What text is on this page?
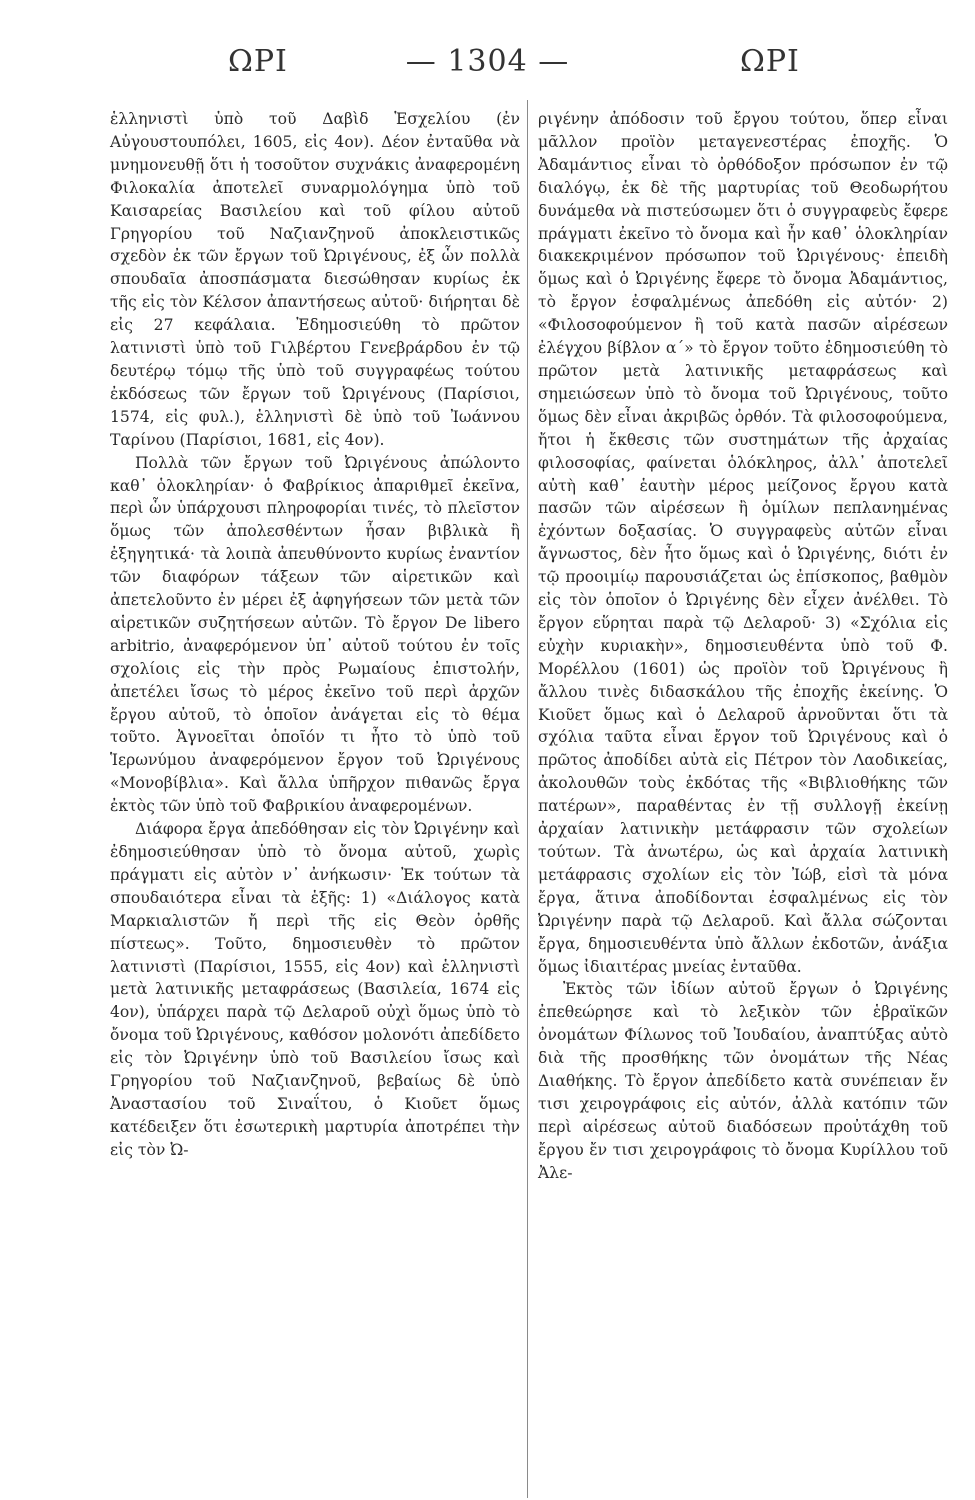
ΩΡΙ	— 1304 —	ΩΡΙ

ἑλληνιστὶ ὑπὸ τοῦ Δαβὶδ Ἑσχελίου (ἐν Αὐγουστουπόλει, 1605, εἰς 4ον). Δέον ἐνταῦθα νὰ μνημονευθῇ ὅτι ἡ τοσοῦτον συχνάκις ἀναφερομένη Φιλοκαλία ἀποτελεῖ συναρμολόγημα ὑπὸ τοῦ Καισαρείας Βασιλείου καὶ τοῦ φίλου αὐτοῦ Γρηγορίου τοῦ Ναζιανζηνοῦ ἀποκλειστικῶς σχεδὸν ἐκ τῶν ἔργων τοῦ Ὠριγένους, ἐξ ὧν πολλὰ σπουδαῖα ἀποσπάσματα διεσώθησαν κυρίως ἐκ τῆς εἰς τὸν Κέλσον ἀπαντήσεως αὐτοῦ· διήρηται δὲ εἰς 27 κεφάλαια. Ἐδημοσιεύθη τὸ πρῶτον λατινιστὶ ὑπὸ τοῦ Γιλβέρτου Γενεβράρδου ἐν τῷ δευτέρῳ τόμῳ τῆς ὑπὸ τοῦ συγγραφέως τούτου ἐκδόσεως τῶν ἔργων τοῦ Ὠριγένους (Παρίσιοι, 1574, εἰς φυλ.), ἑλληνιστὶ δὲ ὑπὸ τοῦ Ἰωάννου Ταρίνου (Παρίσιοι, 1681, εἰς 4ον).

Πολλὰ τῶν ἔργων τοῦ Ὠριγένους ἀπώλοντο καθ᾽ ὁλοκληρίαν· ὁ Φαβρίκιος ἀπαριθμεῖ ἐκεῖνα, περὶ ὧν ὑπάρχουσι πληροφορίαι τινές, τὸ πλεῖστον ὅμως τῶν ἀπολεσθέντων ἦσαν βιβλικὰ ἢ ἐξηγητικά· τὰ λοιπὰ ἀπευθύνοντο κυρίως ἐναντίον τῶν διαφόρων τάξεων τῶν αἱρετικῶν καὶ ἀπετελοῦντο ἐν μέρει ἐξ ἀφηγήσεων τῶν μετὰ τῶν αἱρετικῶν συζητήσεων αὐτῶν. Τὸ ἔργον De libero arbitrio, ἀναφερόμενον ὑπ᾽ αὐτοῦ τούτου ἐν τοῖς σχολίοις εἰς τὴν πρὸς Ρωμαίους ἐπιστολήν, ἀπετέλει ἴσως τὸ μέρος ἐκεῖνο τοῦ περὶ ἀρχῶν ἔργου αὐτοῦ, τὸ ὁποῖον ἀνάγεται εἰς τὸ θέμα τοῦτο. Ἀγνοεῖται ὁποῖόν τι ἦτο τὸ ὑπὸ τοῦ Ἱερωνύμου ἀναφερόμενον ἔργον τοῦ Ὠριγένους «Μονοβίβλια». Καὶ ἄλλα ὑπῆρχον πιθανῶς ἔργα ἐκτὸς τῶν ὑπὸ τοῦ Φαβρικίου ἀναφερομένων.

Διάφορα ἔργα ἀπεδόθησαν εἰς τὸν Ὠριγένην καὶ ἐδημοσιεύθησαν ὑπὸ τὸ ὄνομα αὐτοῦ, χωρὶς πράγματι εἰς αὐτὸν ν᾽ ἀνήκωσιν· Ἐκ τούτων τὰ σπουδαιότερα εἶναι τὰ ἑξῆς: 1) «Διάλογος κατὰ Μαρκιαλιστῶν ἤ περὶ τῆς εἰς Θεὸν ὀρθῆς πίστεως». Τοῦτο, δημοσιευθὲν τὸ πρῶτον λατινιστὶ (Παρίσιοι, 1555, εἰς 4ον) καὶ ἑλληνιστὶ μετὰ λατινικῆς μεταφράσεως (Βασιλεία, 1674 εἰς 4ον), ὑπάρχει παρὰ τῷ Δελαροῦ οὐχὶ ὅμως ὑπὸ τὸ ὄνομα τοῦ Ὠριγένους, καθόσον μολονότι ἀπεδίδετο εἰς τὸν Ὠριγένην ὑπὸ τοῦ Βασιλείου ἴσως καὶ Γρηγορίου τοῦ Ναζιανζηνοῦ, βεβαίως δὲ ὑπὸ Ἀναστασίου τοῦ Σιναΐτου, ὁ Κιοῦετ ὅμως κατέδειξεν ὅτι ἐσωτερικὴ μαρτυρία ἀποτρέπει τὴν εἰς τὸν Ὠ-

ριγένην ἀπόδοσιν τοῦ ἔργου τούτου, ὅπερ εἶναι μᾶλλον προϊὸν μεταγενεστέρας ἐποχῆς. Ὁ Ἀδαμάντιος εἶναι τὸ ὀρθόδοξον πρόσωπον ἐν τῷ διαλόγῳ, ἐκ δὲ τῆς μαρτυρίας τοῦ Θεοδωρήτου δυνάμεθα νὰ πιστεύσωμεν ὅτι ὁ συγγραφεὺς ἔφερε πράγματι ἐκεῖνο τὸ ὄνομα καὶ ἦν καθ᾽ ὁλοκληρίαν διακεκριμένον πρόσωπον τοῦ Ὠριγένους· ἐπειδὴ ὅμως καὶ ὁ Ὠριγένης ἔφερε τὸ ὄνομα Ἀδαμάντιος, τὸ ἔργον ἐσφαλμένως ἀπεδόθη εἰς αὐτόν· 2) «Φιλοσοφούμενον ἢ τοῦ κατὰ πασῶν αἱρέσεων ἐλέγχου βίβλον α´» τὸ ἔργον τοῦτο ἐδημοσιεύθη τὸ πρῶτον μετὰ λατινικῆς μεταφράσεως καὶ σημειώσεων ὑπὸ τὸ ὄνομα τοῦ Ὠριγένους, τοῦτο ὅμως δὲν εἶναι ἀκριβῶς ὀρθόν. Τὰ φιλοσοφούμενα, ἤτοι ἡ ἔκθεσις τῶν συστημάτων τῆς ἀρχαίας φιλοσοφίας, φαίνεται ὁλόκληρος, ἀλλ᾽ ἀποτελεῖ αὐτὴ καθ᾽ ἑαυτὴν μέρος μείζονος ἔργου κατὰ πασῶν τῶν αἱρέσεων ἢ ὁμίλων πεπλανημένας ἐχόντων δοξασίας. Ὁ συγγραφεὺς αὐτῶν εἶναι ἄγνωστος, δὲν ἦτο ὅμως καὶ ὁ Ὠριγένης, διότι ἐν τῷ προοιμίῳ παρουσιάζεται ὡς ἐπίσκοπος, βαθμὸν εἰς τὸν ὁποῖον ὁ Ὠριγένης δὲν εἶχεν ἀνέλθει. Τὸ ἔργον εὕρηται παρὰ τῷ Δελαροῦ· 3) «Σχόλια εἰς εὐχὴν κυριακὴν», δημοσιευθέντα ὑπὸ τοῦ Φ. Μορέλλου (1601) ὡς προϊὸν τοῦ Ὠριγένους ἢ ἄλλου τινὲς διδασκάλου τῆς ἐποχῆς ἐκείνης. Ὁ Κιοῦετ ὅμως καὶ ὁ Δελαροῦ ἀρνοῦνται ὅτι τὰ σχόλια ταῦτα εἶναι ἔργον τοῦ Ὠριγένους καὶ ὁ πρῶτος ἀποδίδει αὐτὰ εἰς Πέτρον τὸν Λαοδικείας, ἀκολουθῶν τοὺς ἐκδότας τῆς «Βιβλιοθήκης τῶν πατέρων», παραθέντας ἐν τῇ συλλογῇ ἐκείνῃ ἀρχαίαν λατινικὴν μετάφρασιν τῶν σχολείων τούτων. Τὰ ἀνωτέρω, ὡς καὶ ἀρχαία λατινικὴ μετάφρασις σχολίων εἰς τὸν Ἰώβ, εἰσὶ τὰ μόνα ἔργα, ἅτινα ἀποδίδονται ἐσφαλμένως εἰς τὸν Ὠριγένην παρὰ τῷ Δελαροῦ. Καὶ ἄλλα σώζονται ἔργα, δημοσιευθέντα ὑπὸ ἄλλων ἐκδοτῶν, ἀνάξια ὅμως ἰδιαιτέρας μνείας ἐνταῦθα.

Ἐκτὸς τῶν ἰδίων αὐτοῦ ἔργων ὁ Ὠριγένης ἐπεθεώρησε καὶ τὸ λεξικὸν τῶν ἑβραϊκῶν ὀνομάτων Φίλωνος τοῦ Ἰουδαίου, ἀναπτύξας αὐτὸ διὰ τῆς προσθήκης τῶν ὀνομάτων τῆς Νέας Διαθήκης. Τὸ ἔργον ἀπεδίδετο κατὰ συνέπειαν ἔν τισι χειρογράφοις εἰς αὐτόν, ἀλλὰ κατόπιν τῶν περὶ αἱρέσεως αὐτοῦ διαδόσεων προὐτάχθη τοῦ ἔργου ἔν τισι χειρογράφοις τὸ ὄνομα Κυρίλλου τοῦ Ἀλε-
